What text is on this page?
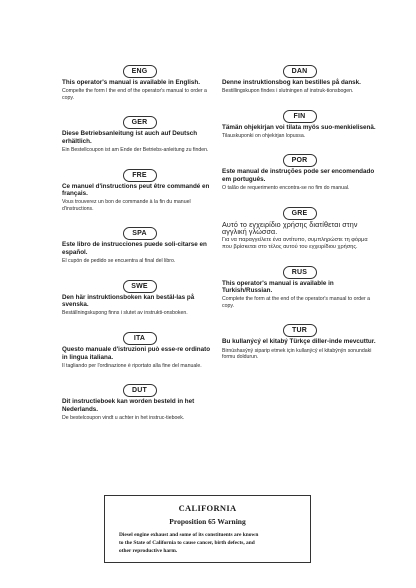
ENG

This operator's manual is available in English.

Compelte the form l the end of the operator's manual to order a copy.

GER

Diese Betriebsanleitung ist auch auf Deutsch erhältlich.

Ein Bestellcoupon ist am Ende der Betriebs-anleitung zu finden.

FRE

Ce manuel d'instructions peut être commandé en français.

Vous trouverez un bon de commande à la fin du manuel d'instructions.

SPA

Este libro de instrucciones puede soli-citarse en español.

El cupón de pedido se encuentra al final del libro.

SWE

Den här instruktionsboken kan bestäl-las på svenska.

Beställningskupong finns i slutet av instrukti-onsboken.

ITA

Questo manuale d'istruzioni può esse-re ordinato in lingua italiana.

Il tagliando per l'ordinazione è riportato alla fine del manuale.

DUT

Dit instructieboek kan worden besteld in het Nederlands.

De bestelcoupon vindt u achter in het instruc-tieboek.

DAN

Denne instruktionsbog kan bestilles på dansk.

Bestillingskupon findes i slutningen af instruk-tionsbogen.

FIN

Tämän ohjekirjan voi tilata myös suo-menkielisenä.

Tilauskuponki on ohjekirjan lopussa.

POR

Este manual de instruções pode ser encomendado em português.

O talão de requerimento encontra-se no fim do manual.

GRE

Αυτό το εγχειρίδιο χρήσης διατίθεται στην αγγλική γλώσσα.

Για να παραγγείλετε ένα αντίτυπο, συμπληρώστε τη φόρμα που βρίσκεται στο τέλος αυτού του εγχειρίδιου χρήσης.

RUS

This operator's manual is available in Turkish/Russian.

Complete the form at the end of the operator's manual to order a copy.

TUR

Bu kullanýcý el kitabý Türkçe diller-inde mevcuttur.

Birnúshasýný siparip etmek için kullanýcý el kitabýnýn sonundaki formu doldurun.

CALIFORNIA
Proposition 65 Warning
Diesel engine exhaust and some of its constituents are known
to the State of California to cause cancer, birth defects, and
other reproductive harm.
